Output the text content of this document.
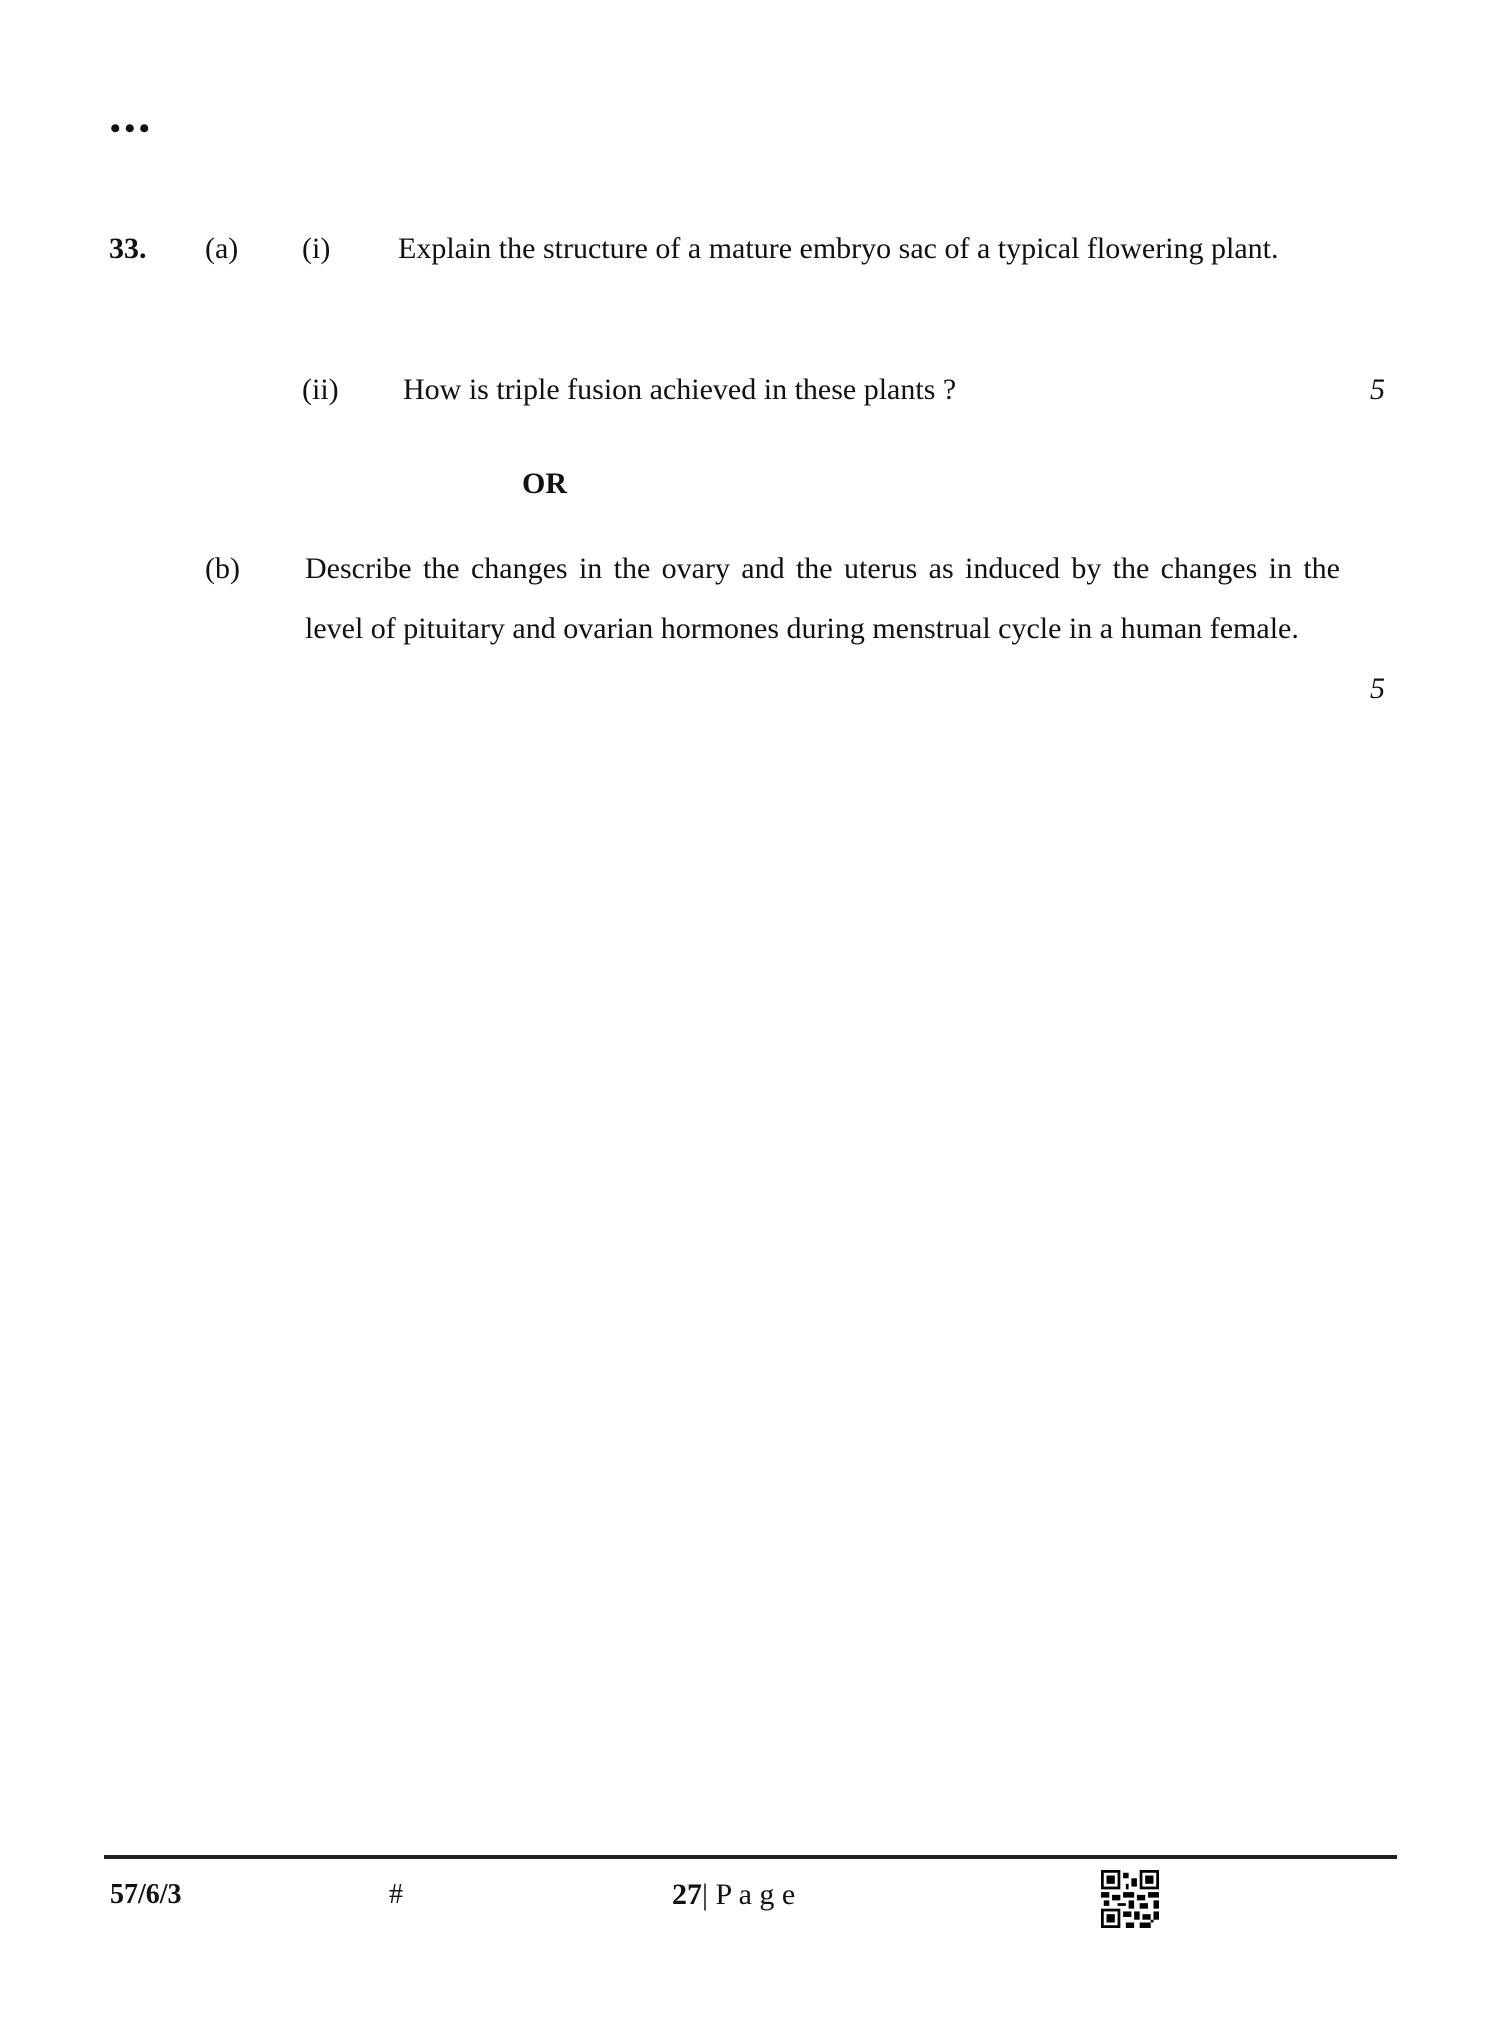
•••
33. (a) (i) Explain the structure of a mature embryo sac of a typical flowering plant.
(ii) How is triple fusion achieved in these plants ?	5
OR
(b) Describe the changes in the ovary and the uterus as induced by the changes in the level of pituitary and ovarian hormones during menstrual cycle in a human female.
5
57/6/3	#	27| P a g e
